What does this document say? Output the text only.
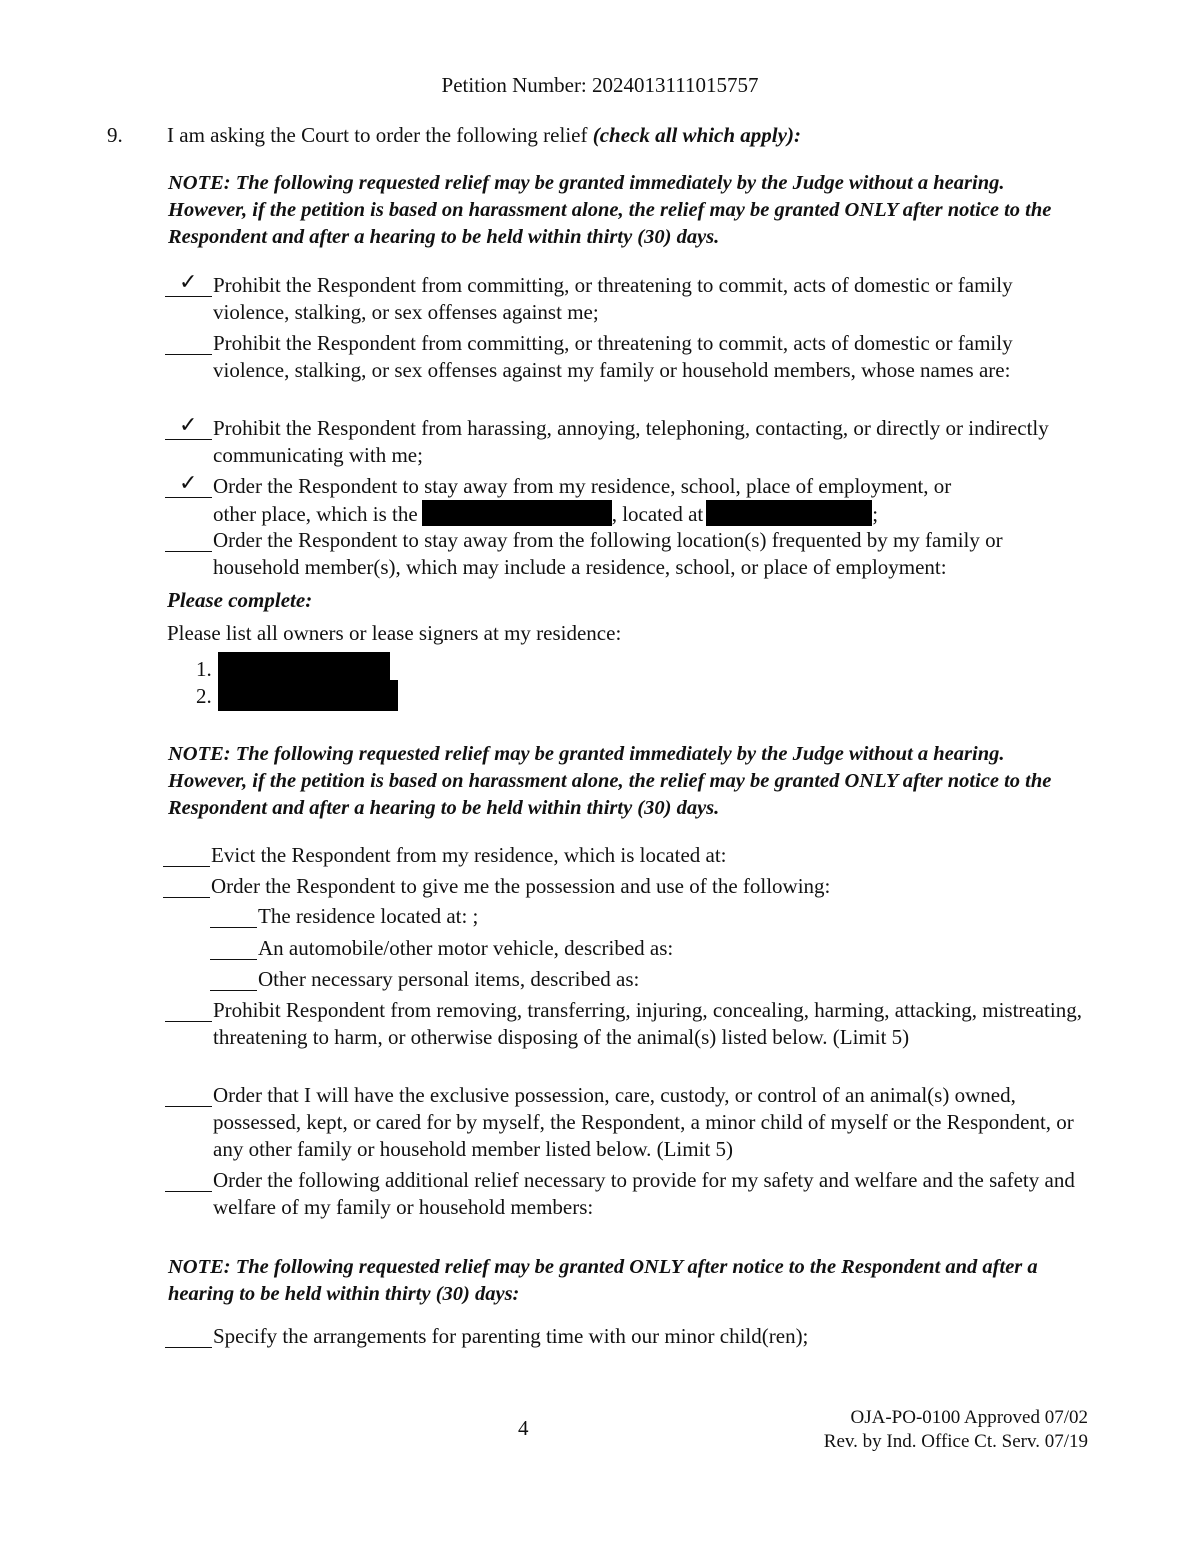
Petition Number: 2024013111015757
9. I am asking the Court to order the following relief (check all which apply):
NOTE: The following requested relief may be granted immediately by the Judge without a hearing. However, if the petition is based on harassment alone, the relief may be granted ONLY after notice to the Respondent and after a hearing to be held within thirty (30) days.
✓ Prohibit the Respondent from committing, or threatening to commit, acts of domestic or family violence, stalking, or sex offenses against me;
Prohibit the Respondent from committing, or threatening to commit, acts of domestic or family violence, stalking, or sex offenses against my family or household members, whose names are:
✓ Prohibit the Respondent from harassing, annoying, telephoning, contacting, or directly or indirectly communicating with me;
✓ Order the Respondent to stay away from my residence, school, place of employment, or
other place, which is the	, located at	;
Order the Respondent to stay away from the following location(s) frequented by my family or household member(s), which may include a residence, school, or place of employment:
Please complete:
Please list all owners or lease signers at my residence:
1.
2.
NOTE: The following requested relief may be granted immediately by the Judge without a hearing. However, if the petition is based on harassment alone, the relief may be granted ONLY after notice to the Respondent and after a hearing to be held within thirty (30) days.
Evict the Respondent from my residence, which is located at:
Order the Respondent to give me the possession and use of the following:
The residence located at: ;
An automobile/other motor vehicle, described as:
Other necessary personal items, described as:
Prohibit Respondent from removing, transferring, injuring, concealing, harming, attacking, mistreating, threatening to harm, or otherwise disposing of the animal(s) listed below. (Limit 5)
Order that I will have the exclusive possession, care, custody, or control of an animal(s) owned, possessed, kept, or cared for by myself, the Respondent, a minor child of myself or the Respondent, or any other family or household member listed below. (Limit 5)
Order the following additional relief necessary to provide for my safety and welfare and the safety and welfare of my family or household members:
NOTE: The following requested relief may be granted ONLY after notice to the Respondent and after a hearing to be held within thirty (30) days:
Specify the arrangements for parenting time with our minor child(ren);
4	OJA-PO-0100 Approved 07/02
Rev. by Ind. Office Ct. Serv. 07/19
